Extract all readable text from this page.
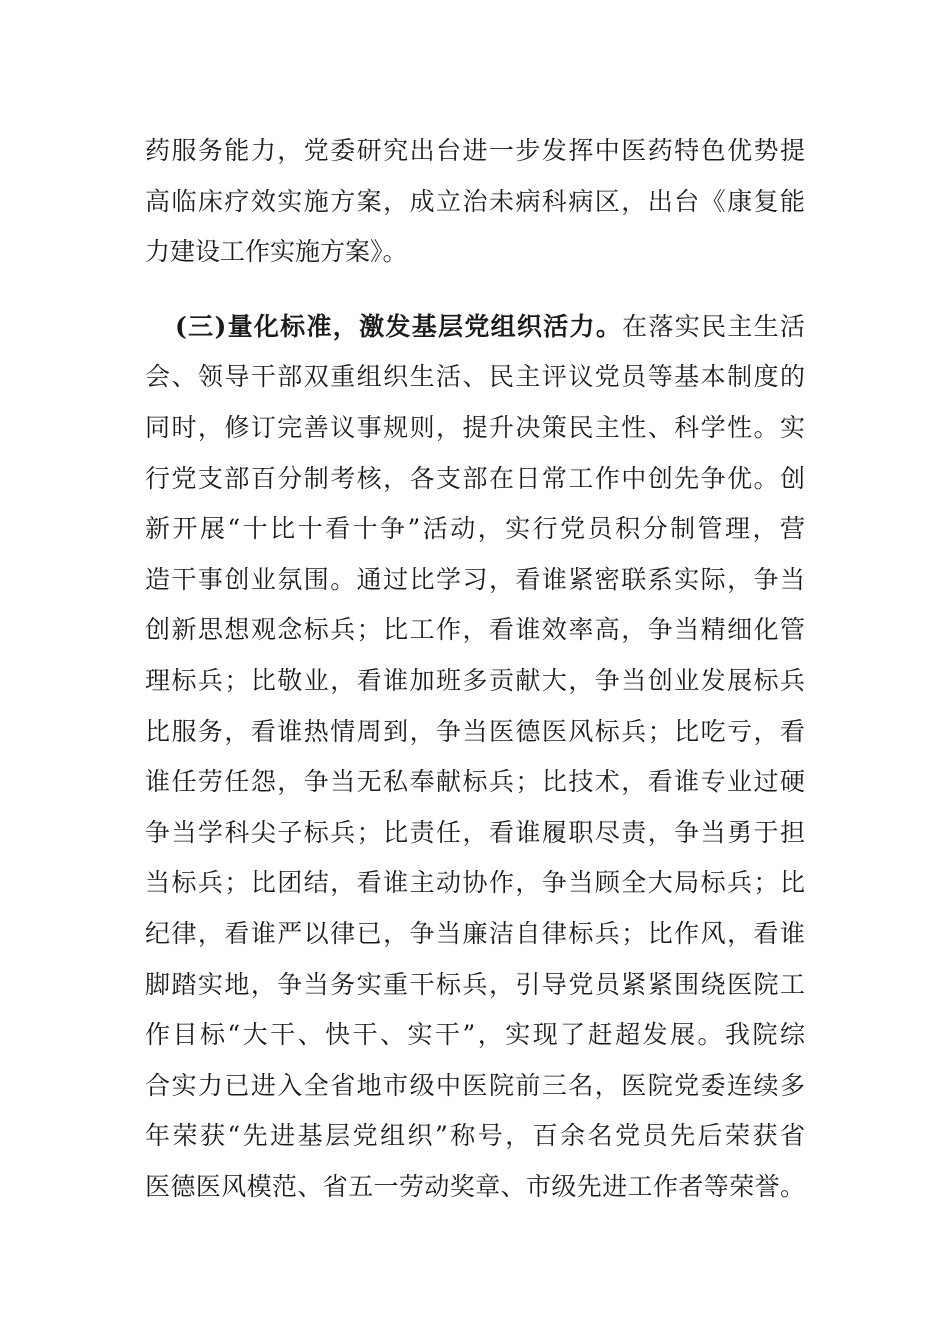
药服务能力，党委研究出台进一步发挥中医药特色优势提
高临床疗效实施方案，成立治未病科病区，出台《康复能
力建设工作实施方案》。
(三)量化标准，激发基层党组织活力。在落实民主生活
会、领导干部双重组织生活、民主评议党员等基本制度的
同时，修订完善议事规则，提升决策民主性、科学性。实
行党支部百分制考核，各支部在日常工作中创先争优。创
新开展“十比十看十争”活动，实行党员积分制管理，营
造干事创业氛围。通过比学习，看谁紧密联系实际，争当
创新思想观念标兵；比工作，看谁效率高，争当精细化管
理标兵；比敬业，看谁加班多贡献大，争当创业发展标兵
比服务，看谁热情周到，争当医德医风标兵；比吃亏，看
谁任劳任怨，争当无私奉献标兵；比技术，看谁专业过硬
争当学科尖子标兵；比责任，看谁履职尽责，争当勇于担
当标兵；比团结，看谁主动协作，争当顾全大局标兵；比
纪律，看谁严以律已，争当廉洁自律标兵；比作风，看谁
脚踏实地，争当务实重干标兵，引导党员紧紧围绕医院工
作目标“大干、快干、实干”，实现了赶超发展。我院综
合实力已进入全省地市级中医院前三名，医院党委连续多
年荣获“先进基层党组织”称号，百余名党员先后荣获省
医德医风模范、省五一劳动奖章、市级先进工作者等荣誉。
